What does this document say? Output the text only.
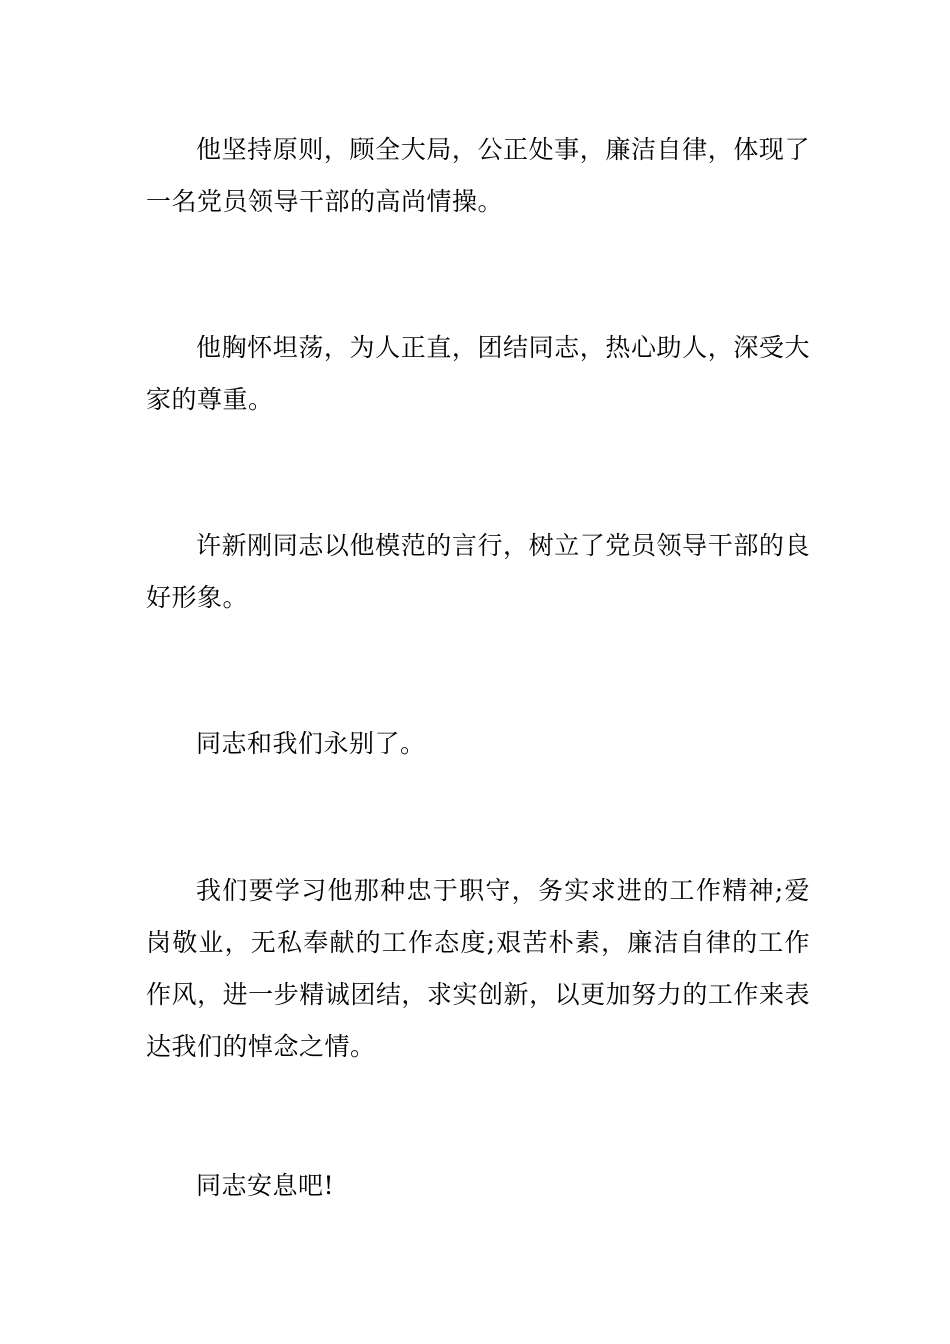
他坚持原则，顾全大局，公正处事，廉洁自律，体现了一名党员领导干部的高尚情操。

他胸怀坦荡，为人正直，团结同志，热心助人，深受大家的尊重。

许新刚同志以他模范的言行，树立了党员领导干部的良好形象。

同志和我们永别了。

我们要学习他那种忠于职守，务实求进的工作精神;爱岗敬业，无私奉献的工作态度;艰苦朴素，廉洁自律的工作作风，进一步精诚团结，求实创新，以更加努力的工作来表达我们的悼念之情。

同志安息吧!
